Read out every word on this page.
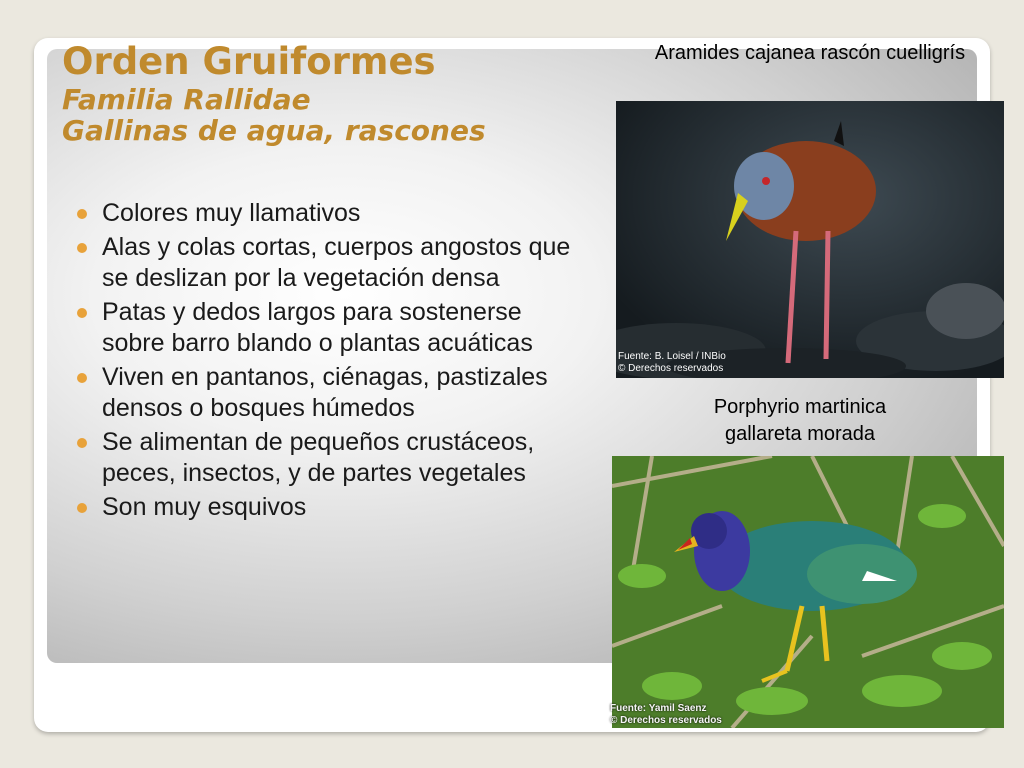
Orden Gruiformes

Familia Rallidae

Gallinas de agua, rascones

Colores muy llamativos
Alas y colas cortas, cuerpos angostos que se deslizan por la vegetación densa
Patas y dedos largos para sostenerse sobre barro blando o plantas acuáticas
Viven en pantanos, ciénagas, pastizales densos o bosques húmedos
Se alimentan de pequeños crustáceos, peces, insectos, y de partes vegetales
Son muy esquivos
Aramides cajanea rascón cuelligrís
Fuente: B. Loisel / INBio
© Derechos reservados
Porphyrio martinica
gallareta morada
Fuente: Yamil Saenz
© Derechos reservados
